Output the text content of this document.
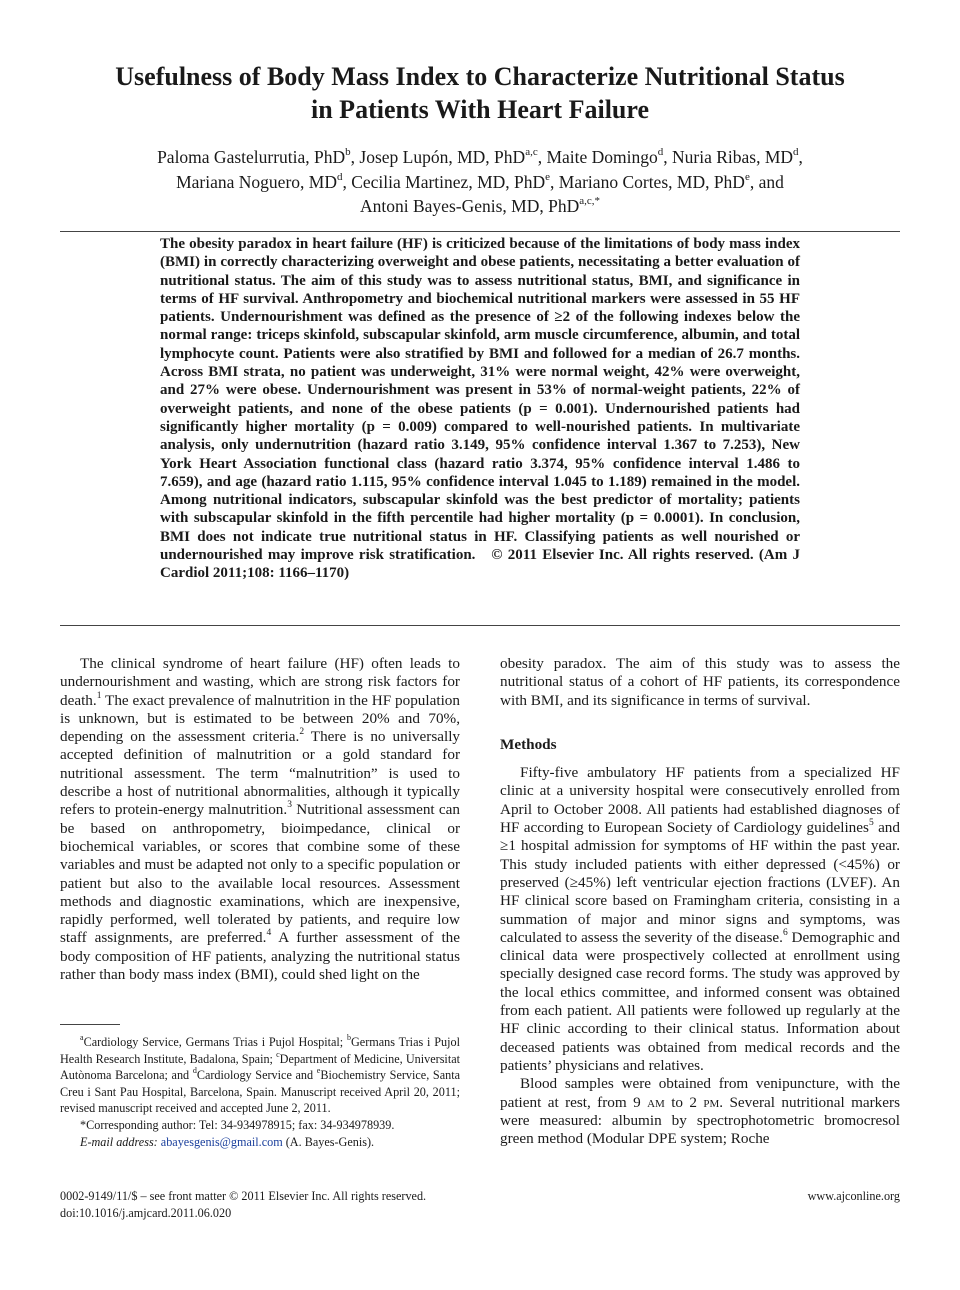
Usefulness of Body Mass Index to Characterize Nutritional Status
in Patients With Heart Failure
Paloma Gastelurrutia, PhD$^b$, Josep Lupón, MD, PhD$^{a,c}$, Maite Domingo$^d$, Nuria Ribas, $MD^d$,
Mariana Noguero, $MD^d$, Cecilia Martinez, MD, PhD$^e$, Mariano Cortes, MD, PhD$^e$, and
Antoni Bayes-Genis, MD, PhD$^{a,c,*}$
The obesity paradox in heart failure (HF) is criticized because of the limitations of body mass index (BMI) in correctly characterizing overweight and obese patients, necessitating a better evaluation of nutritional status. The aim of this study was to assess nutritional status, BMI, and significance in terms of HF survival. Anthropometry and biochemical nutritional markers were assessed in 55 HF patients. Undernourishment was defined as the presence of ≥2 of the following indexes below the normal range: triceps skinfold, subscapular skinfold, arm muscle circumference, albumin, and total lymphocyte count. Patients were also stratified by BMI and followed for a median of 26.7 months. Across BMI strata, no patient was underweight, 31% were normal weight, 42% were overweight, and 27% were obese. Undernourishment was present in 53% of normal-weight patients, 22% of overweight patients, and none of the obese patients (p = 0.001). Undernourished patients had significantly higher mortality (p = 0.009) compared to well-nourished patients. In multivariate analysis, only undernutrition (hazard ratio 3.149, 95% confidence interval 1.367 to 7.253), New York Heart Association functional class (hazard ratio 3.374, 95% confidence interval 1.486 to 7.659), and age (hazard ratio 1.115, 95% confidence interval 1.045 to 1.189) remained in the model. Among nutritional indicators, subscapular skinfold was the best predictor of mortality; patients with subscapular skinfold in the fifth percentile had higher mortality (p = 0.0001). In conclusion, BMI does not indicate true nutritional status in HF. Classifying patients as well nourished or undernourished may improve risk stratification. © 2011 Elsevier Inc. All rights reserved. (Am J Cardiol 2011;108: 1166–1170)

The clinical syndrome of heart failure (HF) often leads to undernourishment and wasting, which are strong risk factors for death.$^1$ The exact prevalence of malnutrition in the HF population is unknown, but is estimated to be between 20% and 70%, depending on the assessment criteria.$^2$ There is no universally accepted definition of malnutrition or a gold standard for nutritional assessment. The term “malnutrition” is used to describe a host of nutritional abnormalities, although it typically refers to protein-energy malnutrition.$^3$ Nutritional assessment can be based on anthropometry, bioimpedance, clinical or biochemical variables, or scores that combine some of these variables and must be adapted not only to a specific population or patient but also to the available local resources. Assessment methods and diagnostic examinations, which are inexpensive, rapidly performed, well tolerated by patients, and require low staff assignments, are preferred.$^4$ A further assessment of the body composition of HF patients, analyzing the nutritional status rather than body mass index (BMI), could shed light on the

obesity paradox. The aim of this study was to assess the nutritional status of a cohort of HF patients, its correspondence with BMI, and its significance in terms of survival.

Methods

Fifty-five ambulatory HF patients from a specialized HF clinic at a university hospital were consecutively enrolled from April to October 2008. All patients had established diagnoses of HF according to European Society of Cardiology guidelines$^5$ and ≥1 hospital admission for symptoms of HF within the past year. This study included patients with either depressed (<45%) or preserved (≥45%) left ventricular ejection fractions (LVEF). An HF clinical score based on Framingham criteria, consisting in a summation of major and minor signs and symptoms, was calculated to assess the severity of the disease.$^6$ Demographic and clinical data were prospectively collected at enrollment using specially designed case record forms. The study was approved by the local ethics committee, and informed consent was obtained from each patient. All patients were followed up regularly at the HF clinic according to their clinical status. Information about deceased patients was obtained from medical records and the patients’ physicians and relatives.

Blood samples were obtained from venipuncture, with the patient at rest, from 9 am to 2 pm. Several nutritional markers were measured: albumin by spectrophotometric bromocresol green method (Modular DPE system; Roche

$^a$Cardiology Service, Germans Trias i Pujol Hospital; $^b$Germans Trias i Pujol Health Research Institute, Badalona, Spain; $^c$Department of Medicine, Universitat Autònoma Barcelona; and $^d$Cardiology Service and $^e$Biochemistry Service, Santa Creu i Sant Pau Hospital, Barcelona, Spain. Manuscript received April 20, 2011; revised manuscript received and accepted June 2, 2011.

*Corresponding author: Tel: 34-934978915; fax: 34-934978939.

E-mail address: abayesgenis@gmail.com (A. Bayes-Genis).

0002-9149/11/$ – see front matter © 2011 Elsevier Inc. All rights reserved.
doi:10.1016/j.amjcard.2011.06.020
www.ajconline.org
